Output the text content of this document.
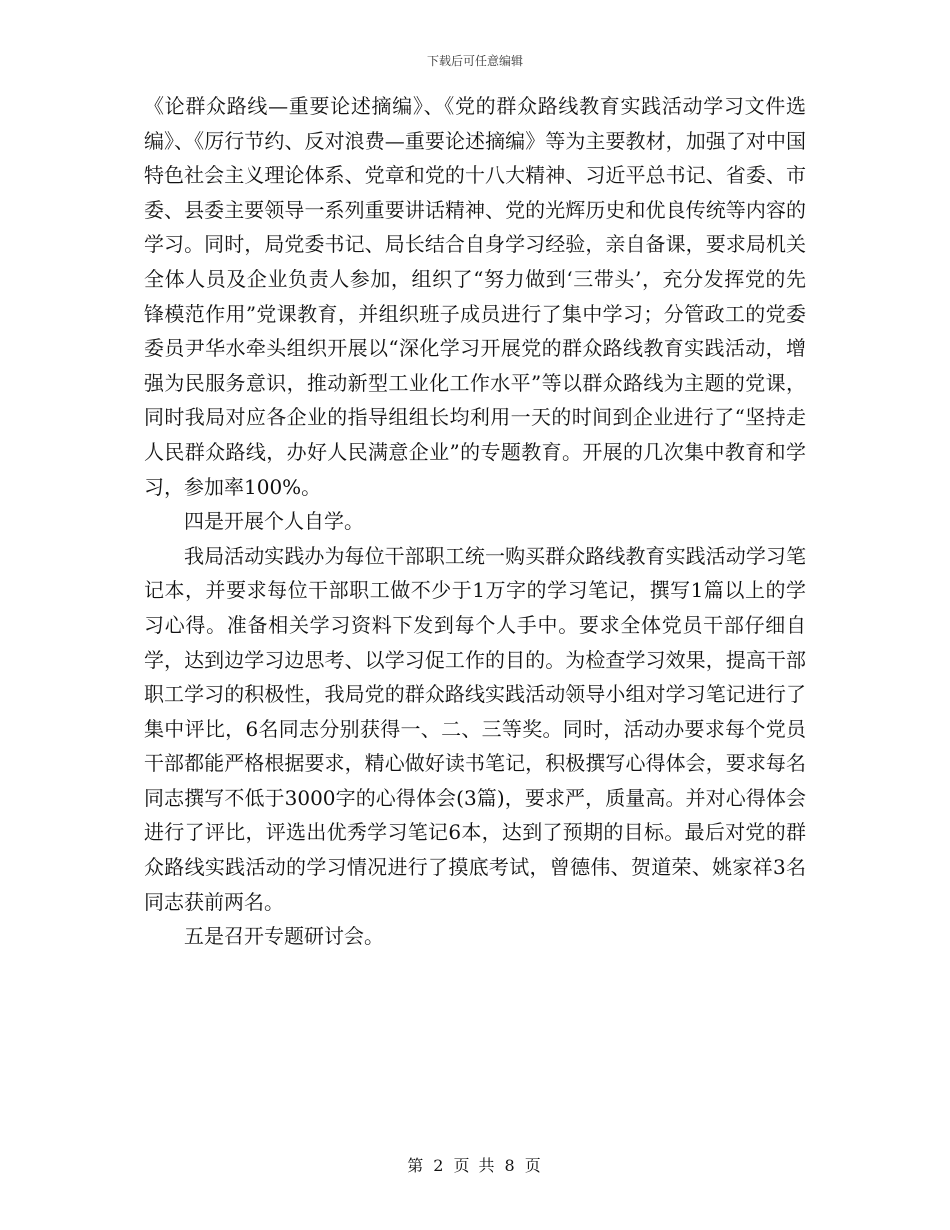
下载后可任意编辑

《论群众路线—重要论述摘编》、《党的群众路线教育实践活动学习文件选编》、《厉行节约、反对浪费—重要论述摘编》等为主要教材，加强了对中国特色社会主义理论体系、党章和党的十八大精神、习近平总书记、省委、市委、县委主要领导一系列重要讲话精神、党的光辉历史和优良传统等内容的学习。同时，局党委书记、局长结合自身学习经验，亲自备课，要求局机关全体人员及企业负责人参加，组织了“努力做到‘三带头’，充分发挥党的先锋模范作用”党课教育，并组织班子成员进行了集中学习；分管政工的党委委员尹华水牵头组织开展以“深化学习开展党的群众路线教育实践活动，增强为民服务意识，推动新型工业化工作水平”等以群众路线为主题的党课，同时我局对应各企业的指导组组长均利用一天的时间到企业进行了“坚持走人民群众路线，办好人民满意企业”的专题教育。开展的几次集中教育和学习，参加率100%。

四是开展个人自学。

我局活动实践办为每位干部职工统一购买群众路线教育实践活动学习笔记本，并要求每位干部职工做不少于1万字的学习笔记，撰写1篇以上的学习心得。准备相关学习资料下发到每个人手中。要求全体党员干部仔细自学，达到边学习边思考、以学习促工作的目的。为检查学习效果，提高干部职工学习的积极性，我局党的群众路线实践活动领导小组对学习笔记进行了集中评比，6名同志分别获得一、二、三等奖。同时，活动办要求每个党员干部都能严格根据要求，精心做好读书笔记，积极撰写心得体会，要求每名同志撰写不低于3000字的心得体会(3篇)，要求严，质量高。并对心得体会进行了评比，评选出优秀学习笔记6本，达到了预期的目标。最后对党的群众路线实践活动的学习情况进行了摸底考试，曾德伟、贺道荣、姚家祥3名同志获前两名。

五是召开专题研讨会。

第 2 页 共 8 页
